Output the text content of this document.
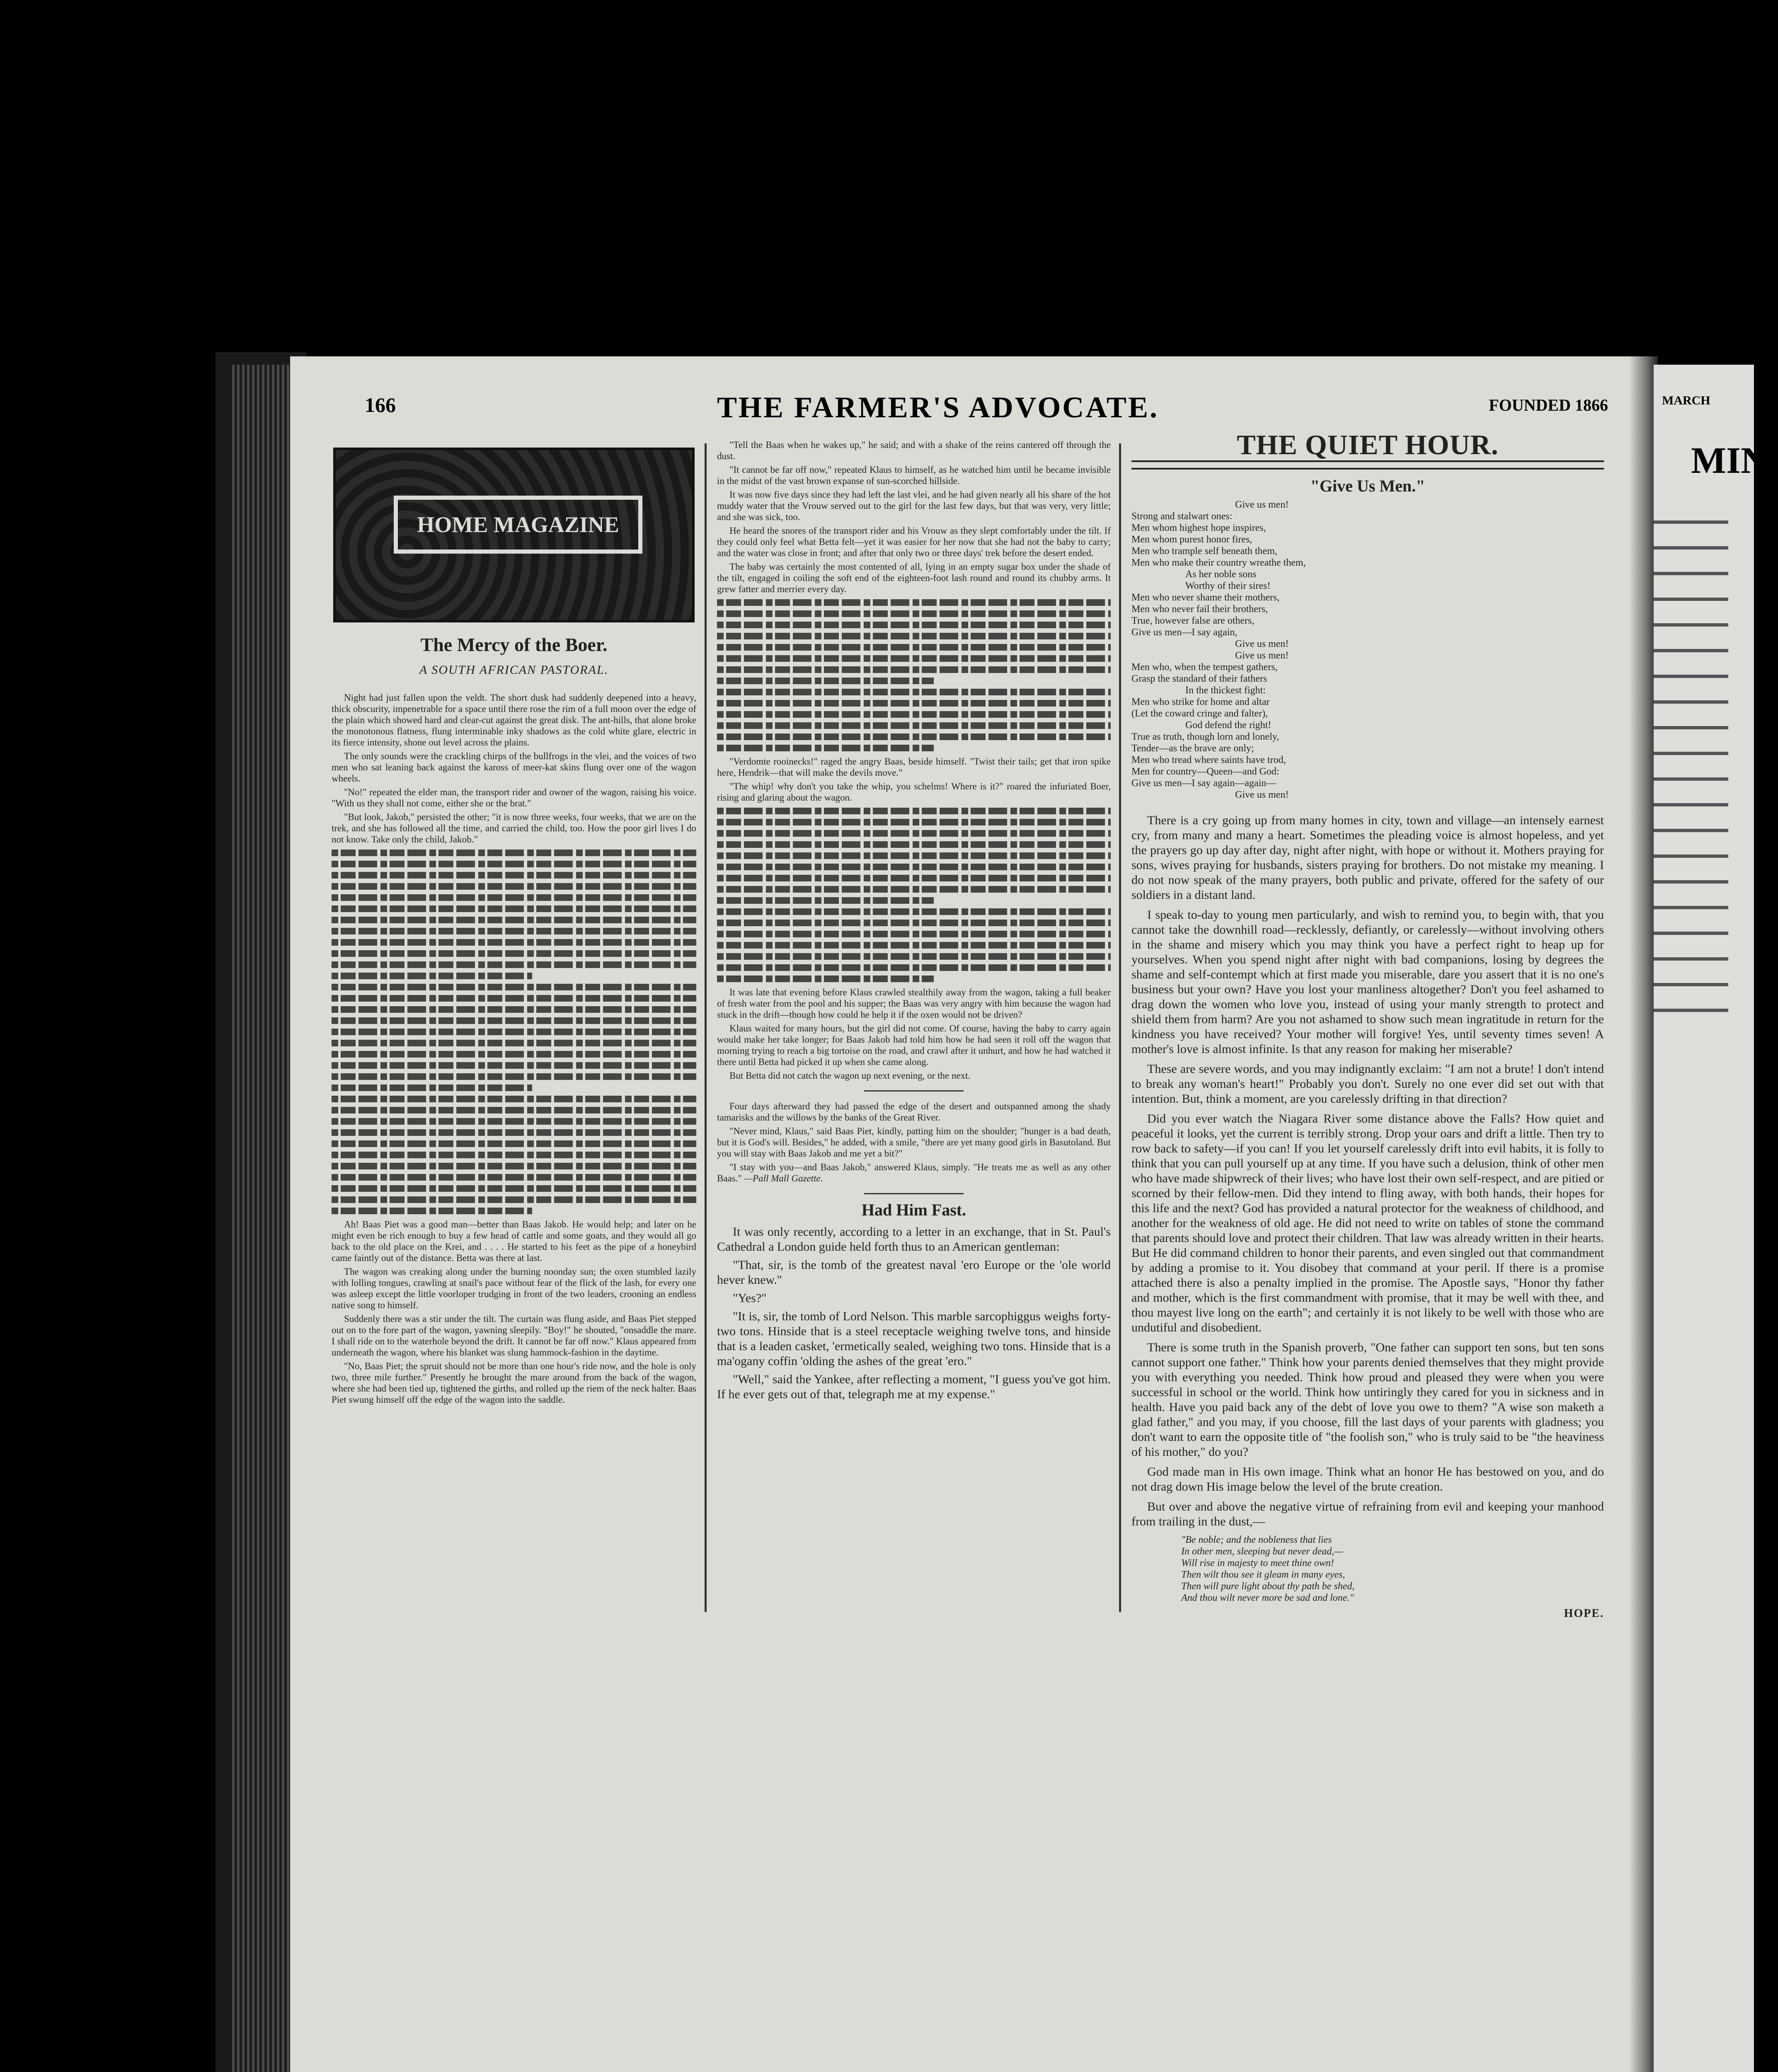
166	THE FARMER'S ADVOCATE.	FOUNDED 1866
HOME MAGAZINE
The Mercy of the Boer.
A SOUTH AFRICAN PASTORAL.

Night had just fallen upon the veldt. The short dusk had suddenly deepened into a heavy, thick obscurity, impenetrable for a space until there rose the rim of a full moon over the edge of the plain which showed hard and clear-cut against the great disk. The ant-hills, that alone broke the monotonous flatness, flung interminable inky shadows as the cold white glare, electric in its fierce intensity, shone out level across the plains.

The only sounds were the crackling chirps of the bullfrogs in the vlei, and the voices of two men who sat leaning back against the kaross of meer-kat skins flung over one of the wagon wheels.

"No!" repeated the elder man, the transport rider and owner of the wagon, raising his voice. "With us they shall not come, either she or the brat."

"But look, Jakob," persisted the other; "it is now three weeks, four weeks, that we are on the trek, and she has followed all the time, and carried the child, too. How the poor girl lives I do not know. Take only the child, Jakob."

Ah! Baas Piet was a good man—better than Baas Jakob. He would help; and later on he might even be rich enough to buy a few head of cattle and some goats, and they would all go back to the old place on the Krei, and . . . . He started to his feet as the pipe of a honeybird came faintly out of the distance. Betta was there at last.

The wagon was creaking along under the burning noonday sun; the oxen stumbled lazily with lolling tongues, crawling at snail's pace without fear of the flick of the lash, for every one was asleep except the little voorloper trudging in front of the two leaders, crooning an endless native song to himself.

Suddenly there was a stir under the tilt. The curtain was flung aside, and Baas Piet stepped out on to the fore part of the wagon, yawning sleepily. "Boy!" he shouted, "onsaddle the mare. I shall ride on to the waterhole beyond the drift. It cannot be far off now." Klaus appeared from underneath the wagon, where his blanket was slung hammock-fashion in the daytime.

"No, Baas Piet; the spruit should not be more than one hour's ride now, and the hole is only two, three mile further." Presently he brought the mare around from the back of the wagon, where she had been tied up, tightened the girths, and rolled up the riem of the neck halter. Baas Piet swung himself off the edge of the wagon into the saddle.

"Tell the Baas when he wakes up," he said; and with a shake of the reins cantered off through the dust.

"It cannot be far off now," repeated Klaus to himself, as he watched him until he became invisible in the midst of the vast brown expanse of sun-scorched hillside.

It was now five days since they had left the last vlei, and he had given nearly all his share of the hot muddy water that the Vrouw served out to the girl for the last few days, but that was very, very little; and she was sick, too.

He heard the snores of the transport rider and his Vrouw as they slept comfortably under the tilt. If they could only feel what Betta felt—yet it was easier for her now that she had not the baby to carry; and the water was close in front; and after that only two or three days' trek before the desert ended.

The baby was certainly the most contented of all, lying in an empty sugar box under the shade of the tilt, engaged in coiling the soft end of the eighteen-foot lash round and round its chubby arms. It grew fatter and merrier every day.

"Verdomte rooinecks!" raged the angry Baas, beside himself. "Twist their tails; get that iron spike here, Hendrik—that will make the devils move."

"The whip! why don't you take the whip, you schelms! Where is it?" roared the infuriated Boer, rising and glaring about the wagon.

It was late that evening before Klaus crawled stealthily away from the wagon, taking a full beaker of fresh water from the pool and his supper; the Baas was very angry with him because the wagon had stuck in the drift—though how could he help it if the oxen would not be driven?

Klaus waited for many hours, but the girl did not come. Of course, having the baby to carry again would make her take longer; for Baas Jakob had told him how he had seen it roll off the wagon that morning trying to reach a big tortoise on the road, and crawl after it unhurt, and how he had watched it there until Betta had picked it up when she came along.

But Betta did not catch the wagon up next evening, or the next.

Four days afterward they had passed the edge of the desert and outspanned among the shady tamarisks and the willows by the banks of the Great River.

"Never mind, Klaus," said Baas Piet, kindly, patting him on the shoulder; "hunger is a bad death, but it is God's will. Besides," he added, with a smile, "there are yet many good girls in Basutoland. But you will stay with Baas Jakob and me yet a bit?"

"I stay with you—and Baas Jakob," answered Klaus, simply. "He treats me as well as any other Baas." —Pall Mall Gazette.

Had Him Fast.

It was only recently, according to a letter in an exchange, that in St. Paul's Cathedral a London guide held forth thus to an American gentleman:

"That, sir, is the tomb of the greatest naval 'ero Europe or the 'ole world hever knew."

"Yes?"

"It is, sir, the tomb of Lord Nelson. This marble sarcophiggus weighs forty-two tons. Hinside that is a steel receptacle weighing twelve tons, and hinside that is a leaden casket, 'ermetically sealed, weighing two tons. Hinside that is a ma'ogany coffin 'olding the ashes of the great 'ero."

"Well," said the Yankee, after reflecting a moment, "I guess you've got him. If he ever gets out of that, telegraph me at my expense."

THE QUIET HOUR.
"Give Us Men."
Give us men!
Strong and stalwart ones:
Men whom highest hope inspires,
Men whom purest honor fires,
Men who trample self beneath them,
Men who make their country wreathe them,
As her noble sons
Worthy of their sires!
Men who never shame their mothers,
Men who never fail their brothers,
True, however false are others,
Give us men—I say again,
Give us men!
Give us men!
Men who, when the tempest gathers,
Grasp the standard of their fathers
In the thickest fight:
Men who strike for home and altar
(Let the coward cringe and falter),
God defend the right!
True as truth, though lorn and lonely,
Tender—as the brave are only;
Men who tread where saints have trod,
Men for country—Queen—and God:
Give us men—I say again—again—
Give us men!

There is a cry going up from many homes in city, town and village—an intensely earnest cry, from many and many a heart. Sometimes the pleading voice is almost hopeless, and yet the prayers go up day after day, night after night, with hope or without it. Mothers praying for sons, wives praying for husbands, sisters praying for brothers. Do not mistake my meaning. I do not now speak of the many prayers, both public and private, offered for the safety of our soldiers in a distant land.

I speak to-day to young men particularly, and wish to remind you, to begin with, that you cannot take the downhill road—recklessly, defiantly, or carelessly—without involving others in the shame and misery which you may think you have a perfect right to heap up for yourselves. When you spend night after night with bad companions, losing by degrees the shame and self-contempt which at first made you miserable, dare you assert that it is no one's business but your own? Have you lost your manliness altogether? Don't you feel ashamed to drag down the women who love you, instead of using your manly strength to protect and shield them from harm? Are you not ashamed to show such mean ingratitude in return for the kindness you have received? Your mother will forgive! Yes, until seventy times seven! A mother's love is almost infinite. Is that any reason for making her miserable?

These are severe words, and you may indignantly exclaim: "I am not a brute! I don't intend to break any woman's heart!" Probably you don't. Surely no one ever did set out with that intention. But, think a moment, are you carelessly drifting in that direction?

Did you ever watch the Niagara River some distance above the Falls? How quiet and peaceful it looks, yet the current is terribly strong. Drop your oars and drift a little. Then try to row back to safety—if you can! If you let yourself carelessly drift into evil habits, it is folly to think that you can pull yourself up at any time. If you have such a delusion, think of other men who have made shipwreck of their lives; who have lost their own self-respect, and are pitied or scorned by their fellow-men. Did they intend to fling away, with both hands, their hopes for this life and the next? God has provided a natural protector for the weakness of childhood, and another for the weakness of old age. He did not need to write on tables of stone the command that parents should love and protect their children. That law was already written in their hearts. But He did command children to honor their parents, and even singled out that commandment by adding a promise to it. You disobey that command at your peril. If there is a promise attached there is also a penalty implied in the promise. The Apostle says, "Honor thy father and mother, which is the first commandment with promise, that it may be well with thee, and thou mayest live long on the earth"; and certainly it is not likely to be well with those who are undutiful and disobedient.

There is some truth in the Spanish proverb, "One father can support ten sons, but ten sons cannot support one father." Think how your parents denied themselves that they might provide you with everything you needed. Think how proud and pleased they were when you were successful in school or the world. Think how untiringly they cared for you in sickness and in health. Have you paid back any of the debt of love you owe to them? "A wise son maketh a glad father," and you may, if you choose, fill the last days of your parents with gladness; you don't want to earn the opposite title of "the foolish son," who is truly said to be "the heaviness of his mother," do you?

God made man in His own image. Think what an honor He has bestowed on you, and do not drag down His image below the level of the brute creation.

But over and above the negative virtue of refraining from evil and keeping your manhood from trailing in the dust,—

"Be noble; and the nobleness that lies
In other men, sleeping but never dead,—
Will rise in majesty to meet thine own!
Then wilt thou see it gleam in many eyes,
Then will pure light about thy path be shed,
And thou wilt never more be sad and lone."
HOPE.
MARCH
MIN
